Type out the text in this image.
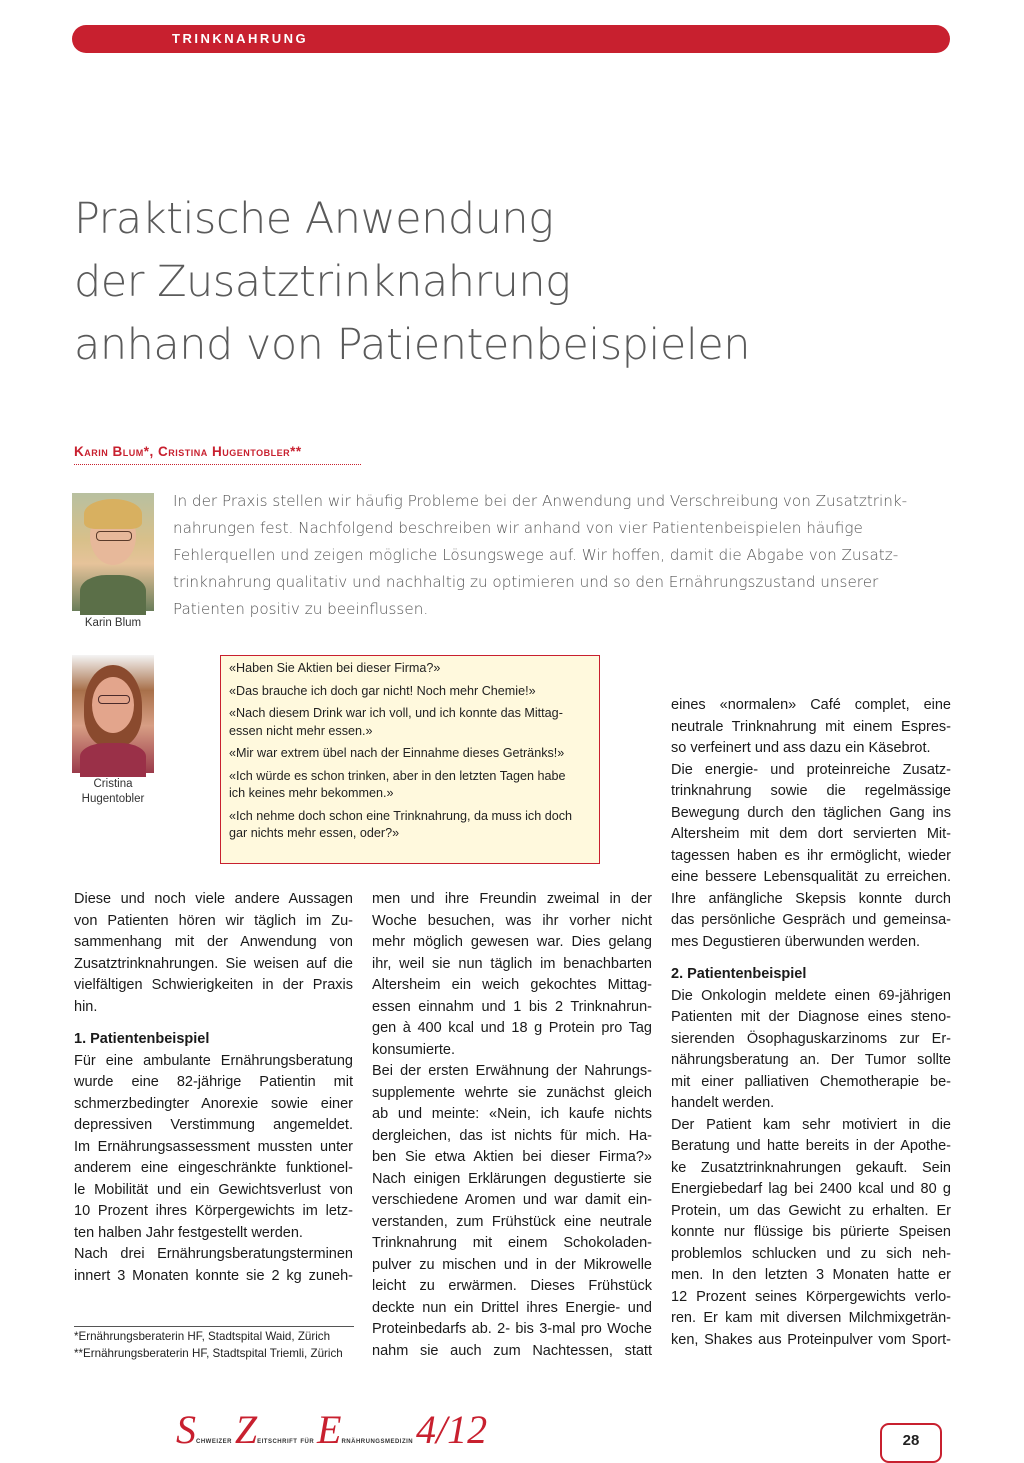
TRINKNAHRUNG
Praktische Anwendung
der Zusatztrinknahrung
anhand von Patientenbeispielen
Karin Blum*, Cristina Hugentobler**
Karin Blum
Cristina
Hugentobler
In der Praxis stellen wir häufig Probleme bei der Anwendung und Verschreibung von Zusatztrink-
nahrungen fest. Nachfolgend beschreiben wir anhand von vier Patientenbeispielen häufige
Fehlerquellen und zeigen mögliche Lösungswege auf. Wir hoffen, damit die Abgabe von Zusatz-
trinknahrung qualitativ und nachhaltig zu optimieren und so den Ernährungszustand unserer
Patienten positiv zu beeinflussen.
«Haben Sie Aktien bei dieser Firma?»
«Das brauche ich doch gar nicht! Noch mehr Chemie!»
«Nach diesem Drink war ich voll, und ich konnte das Mittag-
essen nicht mehr essen.»
«Mir war extrem übel nach der Einnahme dieses Getränks!»
«Ich würde es schon trinken, aber in den letzten Tagen habe
ich keines mehr bekommen.»
«Ich nehme doch schon eine Trinknahrung, da muss ich doch
gar nichts mehr essen, oder?»
Diese und noch viele andere Aussagen
von Patienten hören wir täglich im Zu-
sammenhang mit der Anwendung von
Zusatztrinknahrungen. Sie weisen auf die
vielfältigen Schwierigkeiten in der Praxis
hin.
1. Patientenbeispiel
Für eine ambulante Ernährungsberatung
wurde eine 82-jährige Patientin mit
schmerzbedingter Anorexie sowie einer
depressiven Verstimmung angemeldet.
Im Ernährungsassessment mussten unter
anderem eine eingeschränkte funktionel-
le Mobilität und ein Gewichtsverlust von
10 Prozent ihres Körpergewichts im letz-
ten halben Jahr festgestellt werden.
Nach drei Ernährungsberatungsterminen
innert 3 Monaten konnte sie 2 kg zuneh-
men und ihre Freundin zweimal in der
Woche besuchen, was ihr vorher nicht
mehr möglich gewesen war. Dies gelang
ihr, weil sie nun täglich im benachbarten
Altersheim ein weich gekochtes Mittag-
essen einnahm und 1 bis 2 Trinknahrun-
gen à 400 kcal und 18 g Protein pro Tag
konsumierte.
Bei der ersten Erwähnung der Nahrungs-
supplemente wehrte sie zunächst gleich
ab und meinte: «Nein, ich kaufe nichts
dergleichen, das ist nichts für mich. Ha-
ben Sie etwa Aktien bei dieser Firma?»
Nach einigen Erklärungen degustierte sie
verschiedene Aromen und war damit ein-
verstanden, zum Frühstück eine neutrale
Trinknahrung mit einem Schokoladen-
pulver zu mischen und in der Mikrowelle
leicht zu erwärmen. Dieses Frühstück
deckte nun ein Drittel ihres Energie- und
Proteinbedarfs ab. 2- bis 3-mal pro Woche
nahm sie auch zum Nachtessen, statt
eines «normalen» Café complet, eine
neutrale Trinknahrung mit einem Espres-
so verfeinert und ass dazu ein Käsebrot.
Die energie- und proteinreiche Zusatz-
trinknahrung sowie die regelmässige
Bewegung durch den täglichen Gang ins
Altersheim mit dem dort servierten Mit-
tagessen haben es ihr ermöglicht, wieder
eine bessere Lebensqualität zu erreichen.
Ihre anfängliche Skepsis konnte durch
das persönliche Gespräch und gemeinsa-
mes Degustieren überwunden werden.
2. Patientenbeispiel
Die Onkologin meldete einen 69-jährigen
Patienten mit der Diagnose eines steno-
sierenden Ösophaguskarzinoms zur Er-
nährungsberatung an. Der Tumor sollte
mit einer palliativen Chemotherapie be-
handelt werden.
Der Patient kam sehr motiviert in die
Beratung und hatte bereits in der Apothe-
ke Zusatztrinknahrungen gekauft. Sein
Energiebedarf lag bei 2400 kcal und 80 g
Protein, um das Gewicht zu erhalten. Er
konnte nur flüssige bis pürierte Speisen
problemlos schlucken und zu sich neh-
men. In den letzten 3 Monaten hatte er
12 Prozent seines Körpergewichts verlo-
ren. Er kam mit diversen Milchmixgeträn-
ken, Shakes aus Proteinpulver vom Sport-
*Ernährungsberaterin HF, Stadtspital Waid, Zürich
**Ernährungsberaterin HF, Stadtspital Triemli, Zürich
Schweizer Zeitschrift für Ernährungsmedizin 4/12	28
